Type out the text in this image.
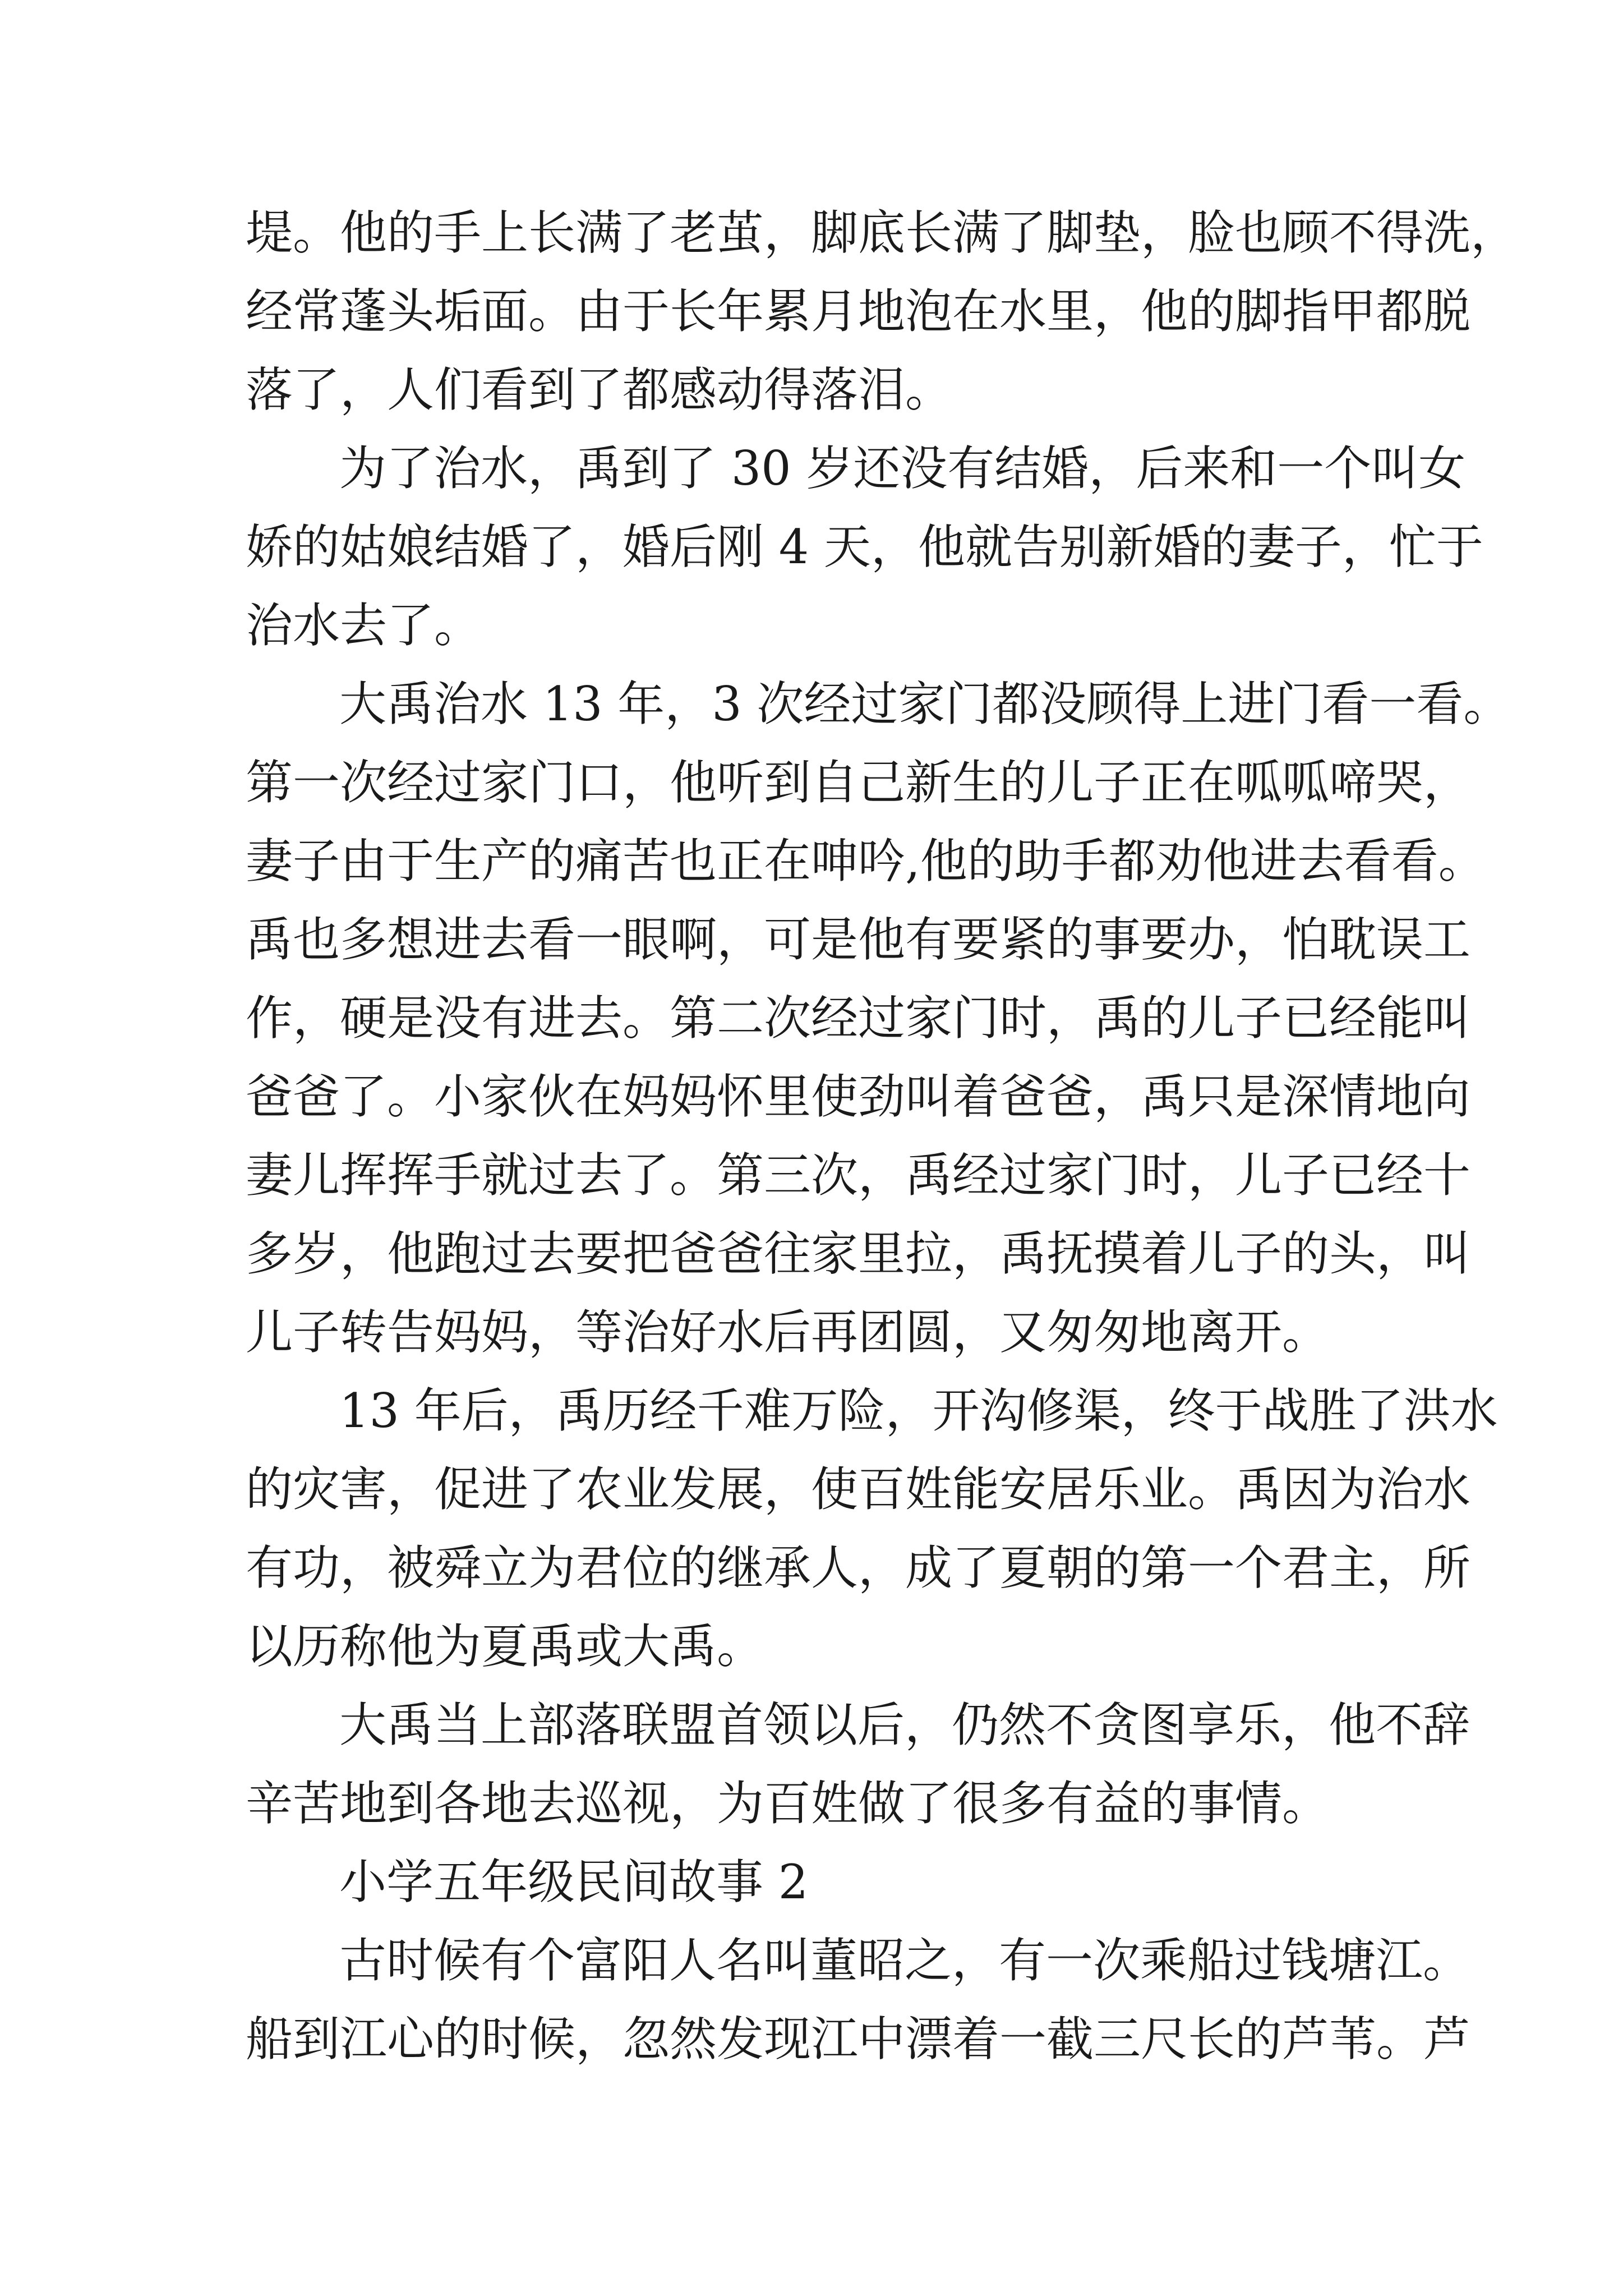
堤。他的手上长满了老茧，脚底长满了脚垫，脸也顾不得洗，

经常蓬头垢面。由于长年累月地泡在水里，他的脚指甲都脱

落了，人们看到了都感动得落泪。

为了治水，禹到了 30 岁还没有结婚，后来和一个叫女

娇的姑娘结婚了，婚后刚 4 天，他就告别新婚的妻子，忙于

治水去了。

大禹治水 13 年，3 次经过家门都没顾得上进门看一看。

第一次经过家门口，他听到自己新生的儿子正在呱呱啼哭，

妻子由于生产的痛苦也正在呻吟,他的助手都劝他进去看看。

禹也多想进去看一眼啊，可是他有要紧的事要办，怕耽误工

作，硬是没有进去。第二次经过家门时，禹的儿子已经能叫

爸爸了。小家伙在妈妈怀里使劲叫着爸爸，禹只是深情地向

妻儿挥挥手就过去了。第三次，禹经过家门时，儿子已经十

多岁，他跑过去要把爸爸往家里拉，禹抚摸着儿子的头，叫

儿子转告妈妈，等治好水后再团圆，又匆匆地离开。

13 年后，禹历经千难万险，开沟修渠，终于战胜了洪水

的灾害，促进了农业发展，使百姓能安居乐业。禹因为治水

有功，被舜立为君位的继承人，成了夏朝的第一个君主，所

以历称他为夏禹或大禹。

大禹当上部落联盟首领以后，仍然不贪图享乐，他不辞

辛苦地到各地去巡视，为百姓做了很多有益的事情。

小学五年级民间故事 2

古时候有个富阳人名叫董昭之，有一次乘船过钱塘江。

船到江心的时候，忽然发现江中漂着一截三尺长的芦苇。芦
